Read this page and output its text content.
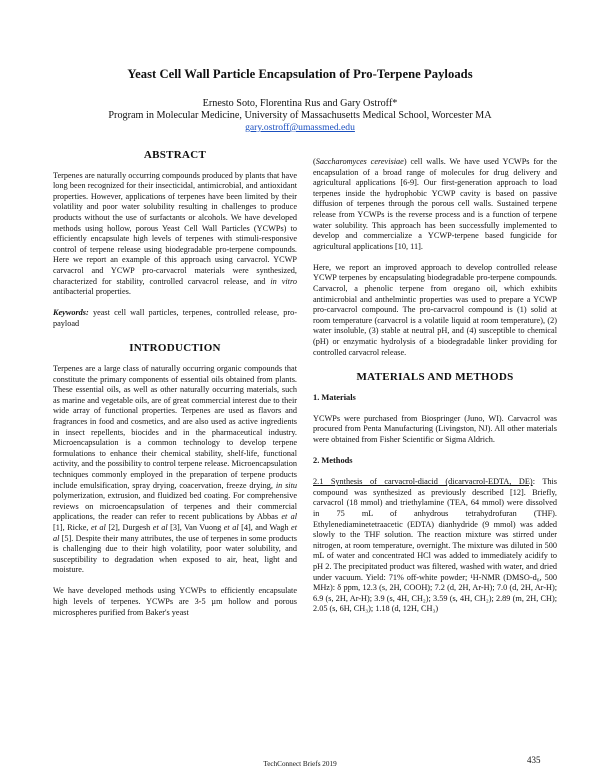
Yeast Cell Wall Particle Encapsulation of Pro-Terpene Payloads
Ernesto Soto, Florentina Rus and Gary Ostroff*
Program in Molecular Medicine, University of Massachusetts Medical School, Worcester MA
gary.ostroff@umassmed.edu
ABSTRACT

Terpenes are naturally occurring compounds produced by plants that have long been recognized for their insecticidal, antimicrobial, and antioxidant properties. However, applications of terpenes have been limited by their volatility and poor water solubility resulting in challenges to produce products without the use of surfactants or alcohols. We have developed methods using hollow, porous Yeast Cell Wall Particles (YCWPs) to efficiently encapsulate high levels of terpenes with stimuli-responsive control of terpene release using biodegradable pro-terpene compounds. Here we report an example of this approach using carvacrol. YCWP carvacrol and YCWP pro-carvacrol materials were synthesized, characterized for stability, controlled carvacrol release, and in vitro antibacterial properties.

Keywords: yeast cell wall particles, terpenes, controlled release, pro-payload

INTRODUCTION

Terpenes are a large class of naturally occurring organic compounds that constitute the primary components of essential oils obtained from plants. These essential oils, as well as other naturally occurring materials, such as marine and vegetable oils, are of great commercial interest due to their wide array of functional properties. Terpenes are used as flavors and fragrances in food and cosmetics, and are also used as active ingredients in insect repellents, biocides and in the pharmaceutical industry. Microencapsulation is a common technology to develop terpene formulations to enhance their chemical stability, shelf-life, functional activity, and the possibility to control terpene release. Microencapsulation techniques commonly employed in the preparation of terpene products include emulsification, spray drying, coacervation, freeze drying, in situ polymerization, extrusion, and fluidized bed coating. For comprehensive reviews on microencapsulation of terpenes and their commercial applications, the reader can refer to recent publications by Abbas et al [1], Ricke, et al [2], Durgesh et al [3], Van Vuong et al [4], and Wagh et al [5]. Despite their many attributes, the use of terpenes in some products is challenging due to their high volatility, poor water solubility, and susceptibility to degradation when exposed to air, heat, light and moisture.

We have developed methods using YCWPs to efficiently encapsulate high levels of terpenes. YCWPs are 3-5 µm hollow and porous microspheres purified from Baker's yeast

(Saccharomyces cerevisiae) cell walls. We have used YCWPs for the encapsulation of a broad range of molecules for drug delivery and agricultural applications [6-9]. Our first-generation approach to load terpenes inside the hydrophobic YCWP cavity is based on passive diffusion of terpenes through the porous cell walls. Sustained terpene release from YCWPs is the reverse process and is a function of terpene water solubility. This approach has been successfully implemented to develop and commercialize a YCWP-terpene based fungicide for agricultural applications [10, 11].

Here, we report an improved approach to develop controlled release YCWP terpenes by encapsulating biodegradable pro-terpene compounds. Carvacrol, a phenolic terpene from oregano oil, which exhibits antimicrobial and anthelmintic properties was used to prepare a YCWP pro-carvacrol compound. The pro-carvacrol compound is (1) solid at room temperature (carvacrol is a volatile liquid at room temperature), (2) water insoluble, (3) stable at neutral pH, and (4) susceptible to chemical (pH) or enzymatic hydrolysis of a biodegradable linker providing for controlled carvacrol release.

MATERIALS AND METHODS
1. Materials

YCWPs were purchased from Biospringer (Juno, WI). Carvacrol was procured from Penta Manufacturing (Livingston, NJ). All other materials were obtained from Fisher Scientific or Sigma Aldrich.

2. Methods

2.1 Synthesis of carvacrol-diacid (dicarvacrol-EDTA, DE): This compound was synthesized as previously described [12]. Briefly, carvacrol (18 mmol) and triethylamine (TEA, 64 mmol) were dissolved in 75 mL of anhydrous tetrahydrofuran (THF). Ethylenediaminetetraacetic (EDTA) dianhydride (9 mmol) was added slowly to the THF solution. The reaction mixture was stirred under nitrogen, at room temperature, overnight. The mixture was diluted in 500 mL of water and concentrated HCl was added to immediately acidify to pH 2. The precipitated product was filtered, washed with water, and dried under vacuum. Yield: 71% off-white powder; ¹H-NMR (DMSO-d₆, 500 MHz): δ ppm, 12.3 (s, 2H, COOH); 7.2 (d, 2H, Ar-H); 7.0 (d, 2H, Ar-H); 6.9 (s, 2H, Ar-H); 3.9 (s, 4H, CH₂); 3.59 (s, 4H, CH₂); 2.89 (m, 2H, CH); 2.05 (s, 6H, CH₃); 1.18 (d, 12H, CH₃)

TechConnect Briefs 2019	435
